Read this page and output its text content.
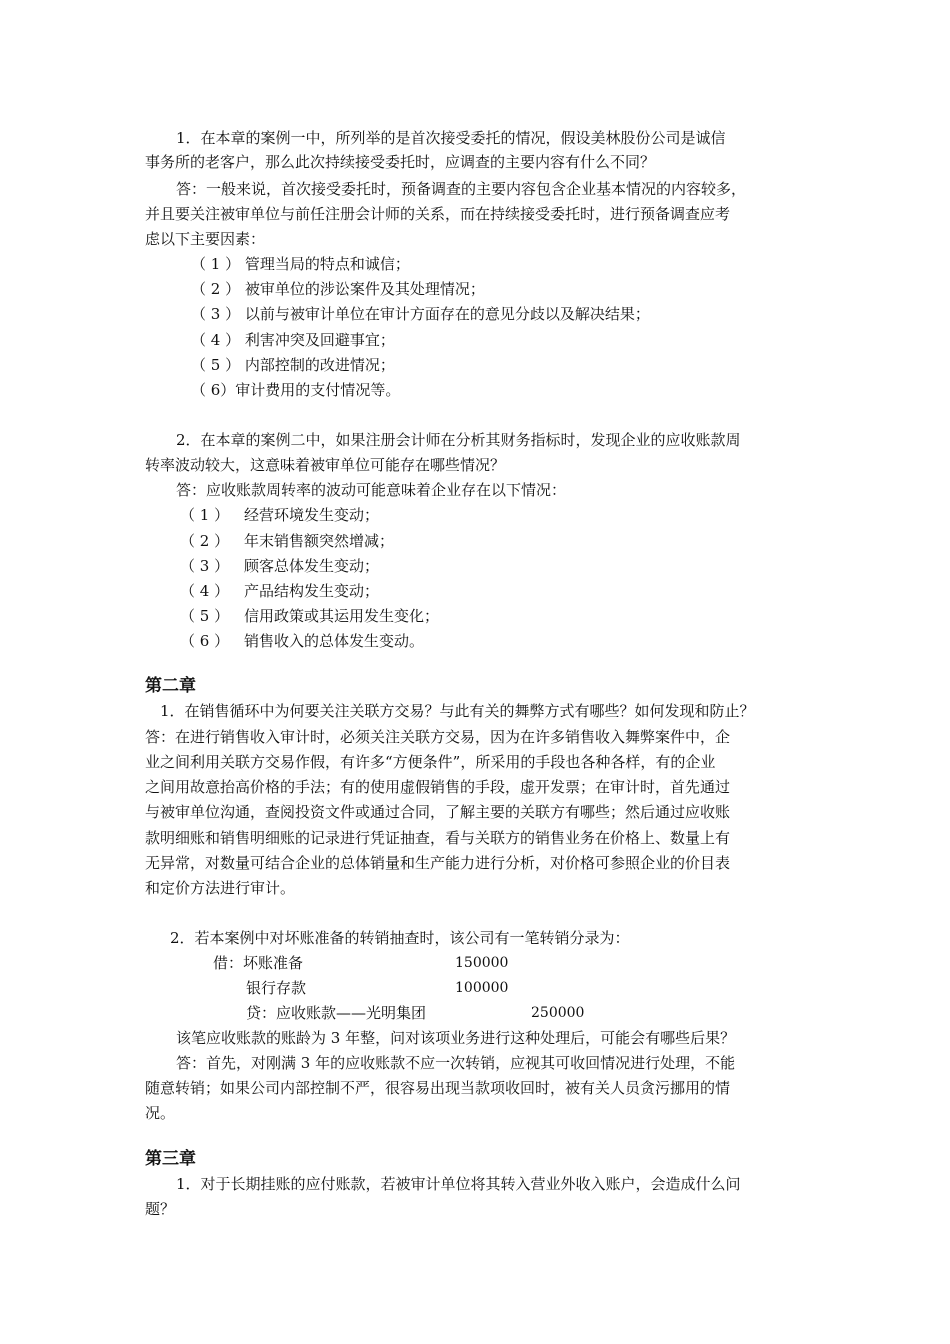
1．在本章的案例一中，所列举的是首次接受委托的情况，假设美林股份公司是诚信
事务所的老客户，那么此次持续接受委托时，应调查的主要内容有什么不同？
答：一般来说，首次接受委托时，预备调查的主要内容包含企业基本情况的内容较多，
并且要关注被审单位与前任注册会计师的关系，而在持续接受委托时，进行预备调查应考
虑以下主要因素：
（ 1 ） 管理当局的特点和诚信；
（ 2 ） 被审单位的涉讼案件及其处理情况；
（ 3 ） 以前与被审计单位在审计方面存在的意见分歧以及解决结果；
（ 4 ） 利害冲突及回避事宜；
（ 5 ） 内部控制的改进情况；
（ 6）审计费用的支付情况等。
2．在本章的案例二中，如果注册会计师在分析其财务指标时，发现企业的应收账款周
转率波动较大，这意味着被审单位可能存在哪些情况？
答：应收账款周转率的波动可能意味着企业存在以下情况：
（ 1 ） 经营环境发生变动；
（ 2 ） 年末销售额突然增减；
（ 3 ） 顾客总体发生变动；
（ 4 ） 产品结构发生变动；
（ 5 ） 信用政策或其运用发生变化；
（ 6 ） 销售收入的总体发生变动。
第二章
1．在销售循环中为何要关注关联方交易？与此有关的舞弊方式有哪些？如何发现和防止？
答：在进行销售收入审计时，必须关注关联方交易，因为在许多销售收入舞弊案件中，企
业之间利用关联方交易作假，有许多“方便条件”，所采用的手段也各种各样，有的企业
之间用故意抬高价格的手法；有的使用虚假销售的手段，虚开发票；在审计时，首先通过
与被审单位沟通，查阅投资文件或通过合同，了解主要的关联方有哪些；然后通过应收账
款明细账和销售明细账的记录进行凭证抽查，看与关联方的销售业务在价格上、数量上有
无异常，对数量可结合企业的总体销量和生产能力进行分析，对价格可参照企业的价目表
和定价方法进行审计。
2．若本案例中对坏账准备的转销抽查时，该公司有一笔转销分录为：
借：坏账准备	150000
银行存款	100000
贷：应收账款——光明集团	250000
该笔应收账款的账龄为 3 年整，问对该项业务进行这种处理后，可能会有哪些后果？
答：首先，对刚满 3 年的应收账款不应一次转销，应视其可收回情况进行处理，不能
随意转销；如果公司内部控制不严，很容易出现当款项收回时，被有关人员贪污挪用的情
况。
第三章
1．对于长期挂账的应付账款，若被审计单位将其转入营业外收入账户，会造成什么问
题？
